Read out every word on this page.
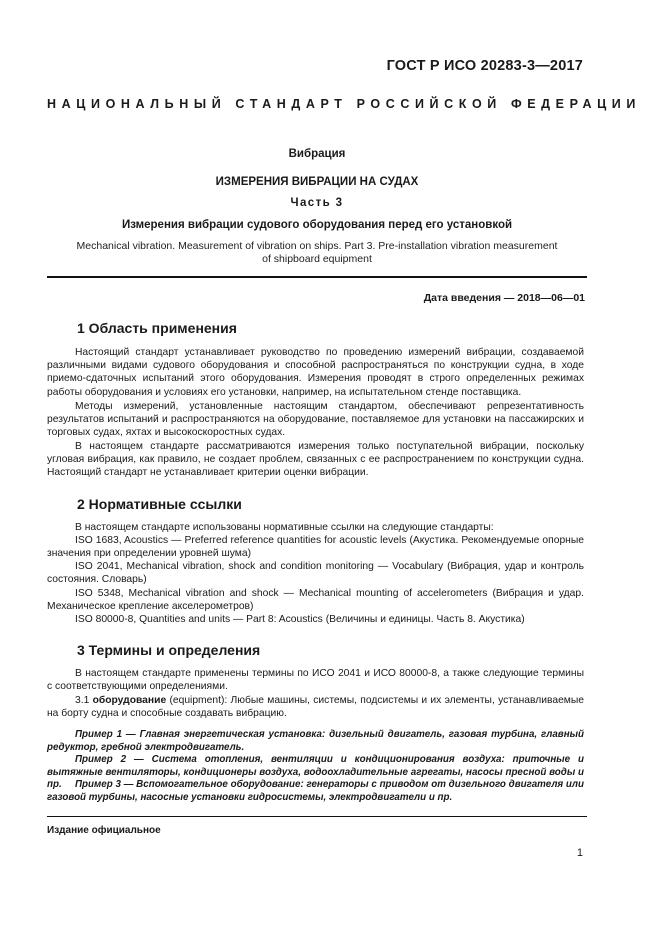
ГОСТ Р ИСО 20283-3—2017
НАЦИОНАЛЬНЫЙ СТАНДАРТ РОССИЙСКОЙ ФЕДЕРАЦИИ
Вибрация
ИЗМЕРЕНИЯ ВИБРАЦИИ НА СУДАХ
Часть 3
Измерения вибрации судового оборудования перед его установкой
Mechanical vibration. Measurement of vibration on ships. Part 3. Pre-installation vibration measurement
of shipboard equipment
Дата введения — 2018—06—01
1 Область применения

Настоящий стандарт устанавливает руководство по проведению измерений вибрации, создаваемой различными видами судового оборудования и способной распространяться по конструкции судна, в ходе приемо-сдаточных испытаний этого оборудования. Измерения проводят в строго определенных режимах работы оборудования и условиях его установки, например, на испытательном стенде поставщика.

Методы измерений, установленные настоящим стандартом, обеспечивают репрезентативность результатов испытаний и распространяются на оборудование, поставляемое для установки на пассажирских и торговых судах, яхтах и высокоскоростных судах.

В настоящем стандарте рассматриваются измерения только поступательной вибрации, поскольку угловая вибрация, как правило, не создает проблем, связанных с ее распространением по конструкции судна. Настоящий стандарт не устанавливает критерии оценки вибрации.

2 Нормативные ссылки

В настоящем стандарте использованы нормативные ссылки на следующие стандарты:

ISO 1683, Acoustics — Preferred reference quantities for acoustic levels (Акустика. Рекомендуемые опорные значения при определении уровней шума)

ISO 2041, Mechanical vibration, shock and condition monitoring — Vocabulary (Вибрация, удар и контроль состояния. Словарь)

ISO 5348, Mechanical vibration and shock — Mechanical mounting of accelerometers (Вибрация и удар. Механическое крепление акселерометров)

ISO 80000-8, Quantities and units — Part 8: Acoustics (Величины и единицы. Часть 8. Акустика)

3 Термины и определения

В настоящем стандарте применены термины по ИСО 2041 и ИСО 80000-8, а также следующие термины с соответствующими определениями.

3.1 оборудование (equipment): Любые машины, системы, подсистемы и их элементы, устанавливаемые на борту судна и способные создавать вибрацию.

Пример 1 — Главная энергетическая установка: дизельный двигатель, газовая турбина, главный редуктор, гребной электродвигатель.

Пример 2 — Система отопления, вентиляции и кондиционирования воздуха: приточные и вытяжные вентиляторы, кондиционеры воздуха, водоохладительные агрегаты, насосы пресной воды и пр.	Пример 3 — Вспомогательное оборудование: генераторы с приводом от дизельного двигателя или газовой турбины, насосные установки гидросистемы, электродвигатели и пр.

Издание официальное
1
